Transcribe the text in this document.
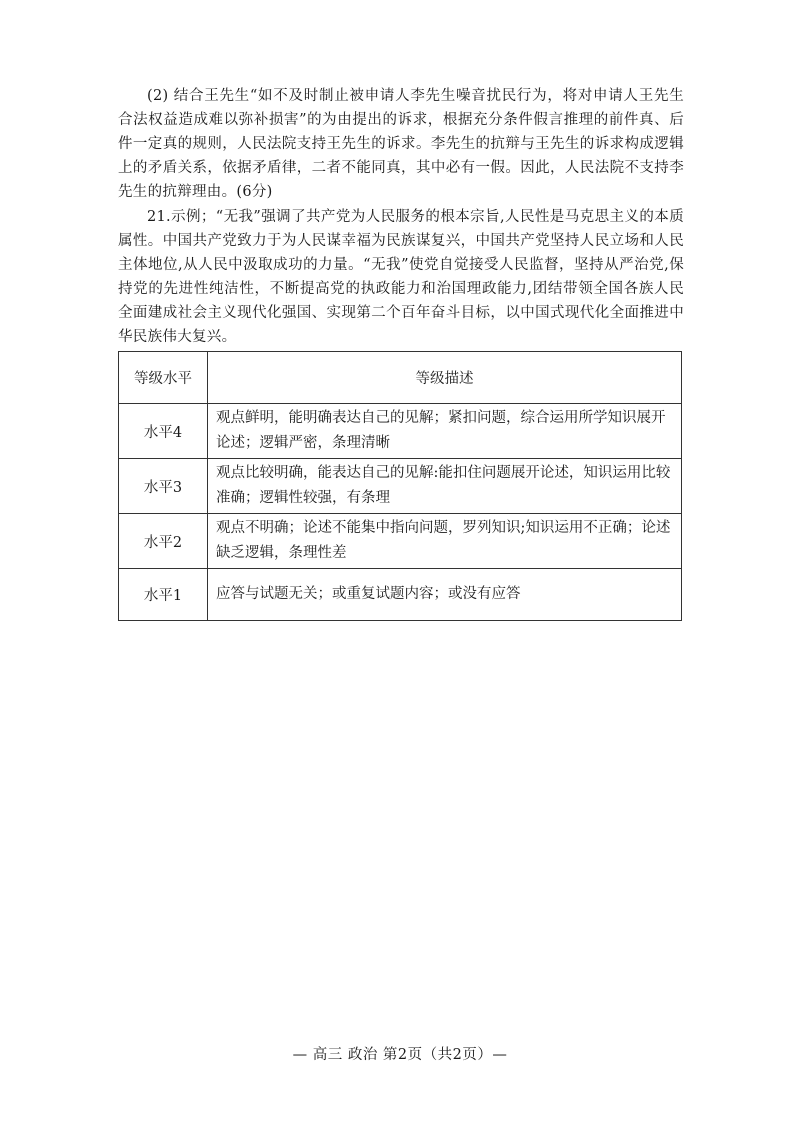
(2) 结合王先生“如不及时制止被申请人李先生噪音扰民行为，将对申请人王先生合法权益造成难以弥补损害”的为由提出的诉求，根据充分条件假言推理的前件真、后件一定真的规则，人民法院支持王先生的诉求。李先生的抗辩与王先生的诉求构成逻辑上的矛盾关系，依据矛盾律，二者不能同真，其中必有一假。因此，人民法院不支持李先生的抗辩理由。(6分)

21.示例；“无我”强调了共产党为人民服务的根本宗旨,人民性是马克思主义的本质属性。中国共产党致力于为人民谋幸福为民族谋复兴，中国共产党坚持人民立场和人民主体地位,从人民中汲取成功的力量。“无我”使党自觉接受人民监督，坚持从严治党,保持党的先进性纯洁性，不断提高党的执政能力和治国理政能力,团结带领全国各族人民全面建成社会主义现代化强国、实现第二个百年奋斗目标，以中国式现代化全面推进中华民族伟大复兴。

等级水平	等级描述
水平4	观点鲜明，能明确表达自己的见解；紧扣问题，综合运用所学知识展开论述；逻辑严密，条理清晰
水平3	观点比较明确，能表达自己的见解:能扣住问题展开论述，知识运用比较准确；逻辑性较强，有条理
水平2	观点不明确；论述不能集中指向问题，罗列知识;知识运用不正确；论述缺乏逻辑，条理性差
水平1	应答与试题无关；或重复试题内容；或没有应答
— 高三 政治 第2页（共2页）—
